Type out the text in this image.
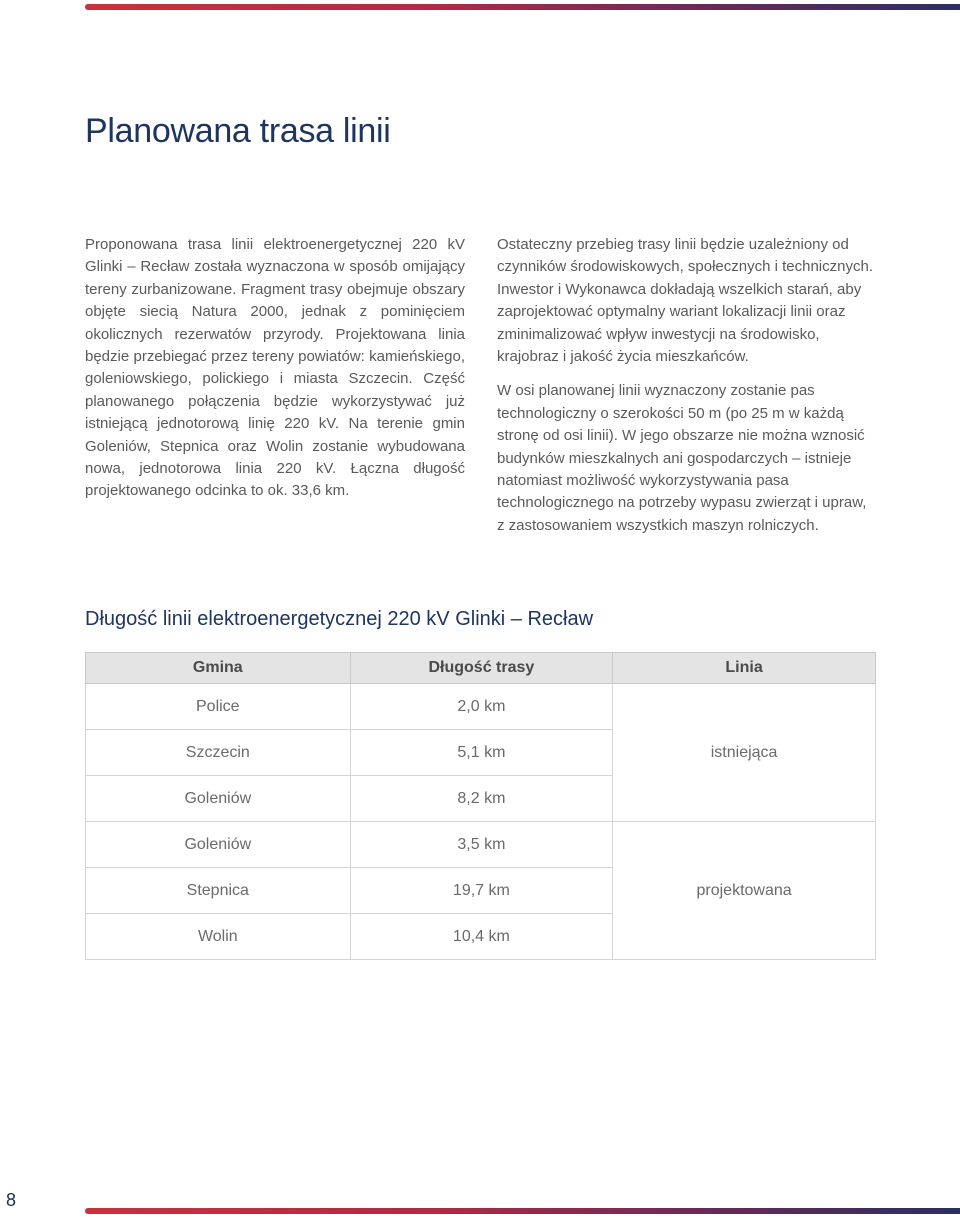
Planowana trasa linii

Proponowana trasa linii elektroenergetycznej 220 kV Glinki – Recław została wyznaczona w sposób omijający tereny zurbanizowane. Fragment trasy obejmuje obszary objęte siecią Natura 2000, jednak z pominięciem okolicznych rezerwatów przyrody. Projektowana linia będzie przebiegać przez tereny powiatów: kamieńskiego, goleniowskiego, polickiego i miasta Szczecin. Część planowanego połączenia będzie wykorzystywać już istniejącą jednotorową linię 220 kV. Na terenie gmin Goleniów, Stepnica oraz Wolin zostanie wybudowana nowa, jednotorowa linia 220 kV. Łączna długość projektowanego odcinka to ok. 33,6 km.

Ostateczny przebieg trasy linii będzie uzależniony od czynników środowiskowych, społecznych i technicznych. Inwestor i Wykonawca dokładają wszelkich starań, aby zaprojektować optymalny wariant lokalizacji linii oraz zminimalizować wpływ inwestycji na środowisko, krajobraz i jakość życia mieszkańców.

W osi planowanej linii wyznaczony zostanie pas technologiczny o szerokości 50 m (po 25 m w każdą stronę od osi linii). W jego obszarze nie można wznosić budynków mieszkalnych ani gospodarczych – istnieje natomiast możliwość wykorzystywania pasa technologicznego na potrzeby wypasu zwierząt i upraw, z zastosowaniem wszystkich maszyn rolniczych.

Długość linii elektroenergetycznej 220 kV Glinki – Recław
Gmina	Długość trasy	Linia
Police	2,0 km	istniejąca
Szczecin	5,1 km	
Goleniów	8,2 km	
Goleniów	3,5 km	projektowana
Stepnica	19,7 km	
Wolin	10,4 km	
8
